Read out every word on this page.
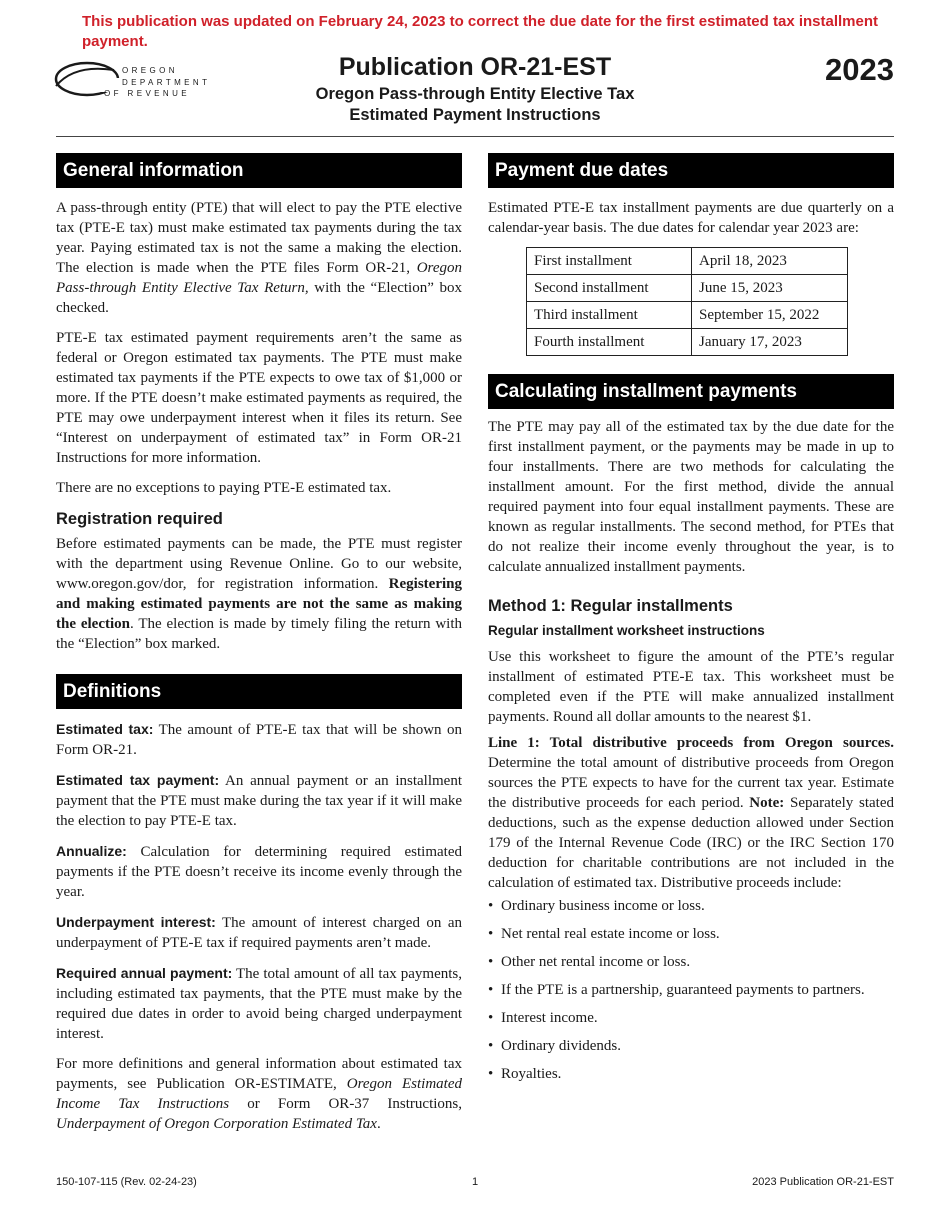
This publication was updated on February 24, 2023 to correct the due date for the first estimated tax installment payment.
OREGON
DEPARTMENT
OF REVENUE
Publication OR-21-EST
Oregon Pass-through Entity Elective Tax
Estimated Payment Instructions
2023
General information

A pass-through entity (PTE) that will elect to pay the PTE elective tax (PTE-E tax) must make estimated tax payments during the tax year. Paying estimated tax is not the same a making the election. The election is made when the PTE files Form OR-21, Oregon Pass-through Entity Elective Tax Return, with the “Election” box checked.

PTE-E tax estimated payment requirements aren’t the same as federal or Oregon estimated tax payments. The PTE must make estimated tax payments if the PTE expects to owe tax of $1,000 or more. If the PTE doesn’t make estimated payments as required, the PTE may owe underpayment interest when it files its return. See “Interest on underpayment of estimated tax” in Form OR-21 Instructions for more information.

There are no exceptions to paying PTE-E estimated tax.

Registration required

Before estimated payments can be made, the PTE must register with the department using Revenue Online. Go to our website, www.oregon.gov/dor, for registration information. Registering and making estimated payments are not the same as making the election. The election is made by timely filing the return with the “Election” box marked.

Definitions

Estimated tax: The amount of PTE-E tax that will be shown on Form OR-21.

Estimated tax payment: An annual payment or an installment payment that the PTE must make during the tax year if it will make the election to pay PTE-E tax.

Annualize: Calculation for determining required estimated payments if the PTE doesn’t receive its income evenly through the year.

Underpayment interest: The amount of interest charged on an underpayment of PTE-E tax if required payments aren’t made.

Required annual payment: The total amount of all tax payments, including estimated tax payments, that the PTE must make by the required due dates in order to avoid being charged underpayment interest.

For more definitions and general information about estimated tax payments, see Publication OR-ESTIMATE, Oregon Estimated Income Tax Instructions or Form OR-37 Instructions, Underpayment of Oregon Corporation Estimated Tax.

Payment due dates

Estimated PTE-E tax installment payments are due quarterly on a calendar-year basis. The due dates for calendar year 2023 are:

First installment	April 18, 2023
Second installment	June 15, 2023
Third installment	September 15, 2022
Fourth installment	January 17, 2023
Calculating installment payments

The PTE may pay all of the estimated tax by the due date for the first installment payment, or the payments may be made in up to four installments. There are two methods for calculating the installment amount. For the first method, divide the annual required payment into four equal installment payments. These are known as regular installments. The second method, for PTEs that do not realize their income evenly throughout the year, is to calculate annualized installment payments.

Method 1: Regular installments
Regular installment worksheet instructions

Use this worksheet to figure the amount of the PTE’s regular installment of estimated PTE-E tax. This worksheet must be completed even if the PTE will make annualized installment payments. Round all dollar amounts to the nearest $1.

Line 1: Total distributive proceeds from Oregon sources. Determine the total amount of distributive proceeds from Oregon sources the PTE expects to have for the current tax year. Estimate the distributive proceeds for each period. Note: Separately stated deductions, such as the expense deduction allowed under Section 179 of the Internal Revenue Code (IRC) or the IRC Section 170 deduction for charitable contributions are not included in the calculation of estimated tax. Distributive proceeds include:

• Ordinary business income or loss.
• Net rental real estate income or loss.
• Other net rental income or loss.
• If the PTE is a partnership, guaranteed payments to partners.
• Interest income.
• Ordinary dividends.
• Royalties.
150-107-115 (Rev. 02-24-23)	1	2023 Publication OR-21-EST
